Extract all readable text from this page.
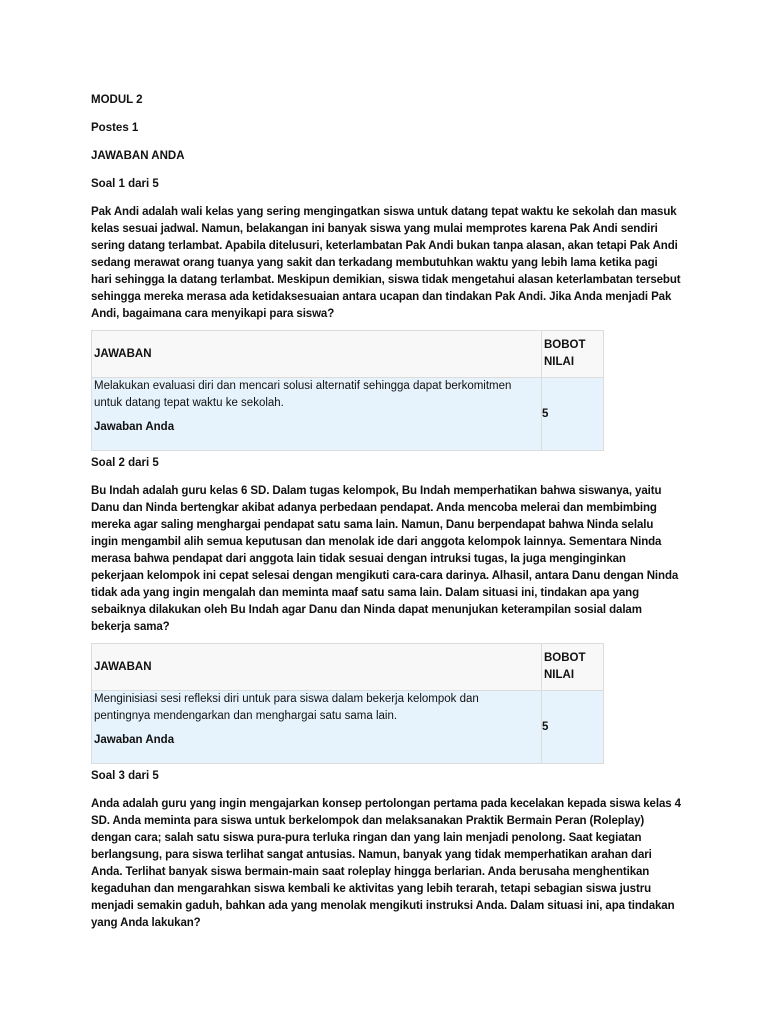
MODUL 2
Postes 1
JAWABAN ANDA
Soal 1 dari 5
Pak Andi adalah wali kelas yang sering mengingatkan siswa untuk datang tepat waktu ke sekolah dan masuk kelas sesuai jadwal. Namun, belakangan ini banyak siswa yang mulai memprotes karena Pak Andi sendiri sering datang terlambat. Apabila ditelusuri, keterlambatan Pak Andi bukan tanpa alasan, akan tetapi Pak Andi sedang merawat orang tuanya yang sakit dan terkadang membutuhkan waktu yang lebih lama ketika pagi hari sehingga Ia datang terlambat. Meskipun demikian, siswa tidak mengetahui alasan keterlambatan tersebut sehingga mereka merasa ada ketidaksesuaian antara ucapan dan tindakan Pak Andi. Jika Anda menjadi Pak Andi, bagaimana cara menyikapi para siswa?
JAWABAN	BOBOT NILAI

Melakukan evaluasi diri dan mencari solusi alternatif sehingga dapat berkomitmen untuk datang tepat waktu ke sekolah.
Jawaban Anda	5
Soal 2 dari 5
Bu Indah adalah guru kelas 6 SD. Dalam tugas kelompok, Bu Indah memperhatikan bahwa siswanya, yaitu Danu dan Ninda bertengkar akibat adanya perbedaan pendapat. Anda mencoba melerai dan membimbing mereka agar saling menghargai pendapat satu sama lain. Namun, Danu berpendapat bahwa Ninda selalu ingin mengambil alih semua keputusan dan menolak ide dari anggota kelompok lainnya. Sementara Ninda merasa bahwa pendapat dari anggota lain tidak sesuai dengan intruksi tugas, Ia juga menginginkan pekerjaan kelompok ini cepat selesai dengan mengikuti cara-cara darinya. Alhasil, antara Danu dengan Ninda tidak ada yang ingin mengalah dan meminta maaf satu sama lain. Dalam situasi ini, tindakan apa yang sebaiknya dilakukan oleh Bu Indah agar Danu dan Ninda dapat menunjukan keterampilan sosial dalam bekerja sama?
JAWABAN	BOBOT NILAI

Menginisiasi sesi refleksi diri untuk para siswa dalam bekerja kelompok dan pentingnya mendengarkan dan menghargai satu sama lain.
Jawaban Anda	5
Soal 3 dari 5
Anda adalah guru yang ingin mengajarkan konsep pertolongan pertama pada kecelakan kepada siswa kelas 4 SD. Anda meminta para siswa untuk berkelompok dan melaksanakan Praktik Bermain Peran (Roleplay) dengan cara; salah satu siswa pura-pura terluka ringan dan yang lain menjadi penolong. Saat kegiatan berlangsung, para siswa terlihat sangat antusias. Namun, banyak yang tidak memperhatikan arahan dari Anda. Terlihat banyak siswa bermain-main saat roleplay hingga berlarian. Anda berusaha menghentikan kegaduhan dan mengarahkan siswa kembali ke aktivitas yang lebih terarah, tetapi sebagian siswa justru menjadi semakin gaduh, bahkan ada yang menolak mengikuti instruksi Anda. Dalam situasi ini, apa tindakan yang Anda lakukan?
